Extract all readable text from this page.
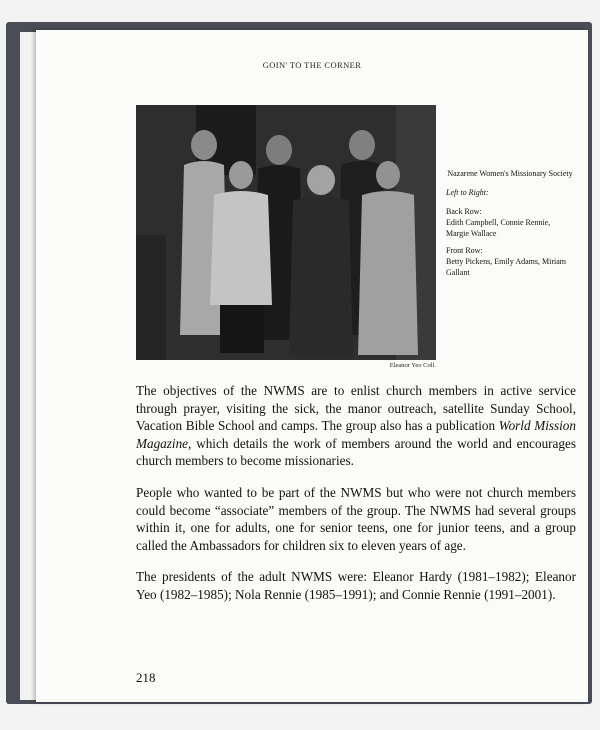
GOIN' TO THE CORNER
Eleanor Yeo Coll.
Nazarene Women's Missionary Society
Left to Right:
Back Row:
Edith Campbell, Connie Rennie, Margie Wallace
Front Row:
Betty Pickens, Emily Adams, Miriam Gallant

The objectives of the NWMS are to enlist church members in active service through prayer, visiting the sick, the manor outreach, satellite Sunday School, Vacation Bible School and camps. The group also has a publication World Mission Magazine, which details the work of members around the world and encourages church members to become missionaries.

People who wanted to be part of the NWMS but who were not church members could become “associate” members of the group. The NWMS had several groups within it, one for adults, one for senior teens, one for junior teens, and a group called the Ambassadors for children six to eleven years of age.

The presidents of the adult NWMS were: Eleanor Hardy (1981–1982); Eleanor Yeo (1982–1985); Nola Rennie (1985–1991); and Connie Rennie (1991–2001).

218
